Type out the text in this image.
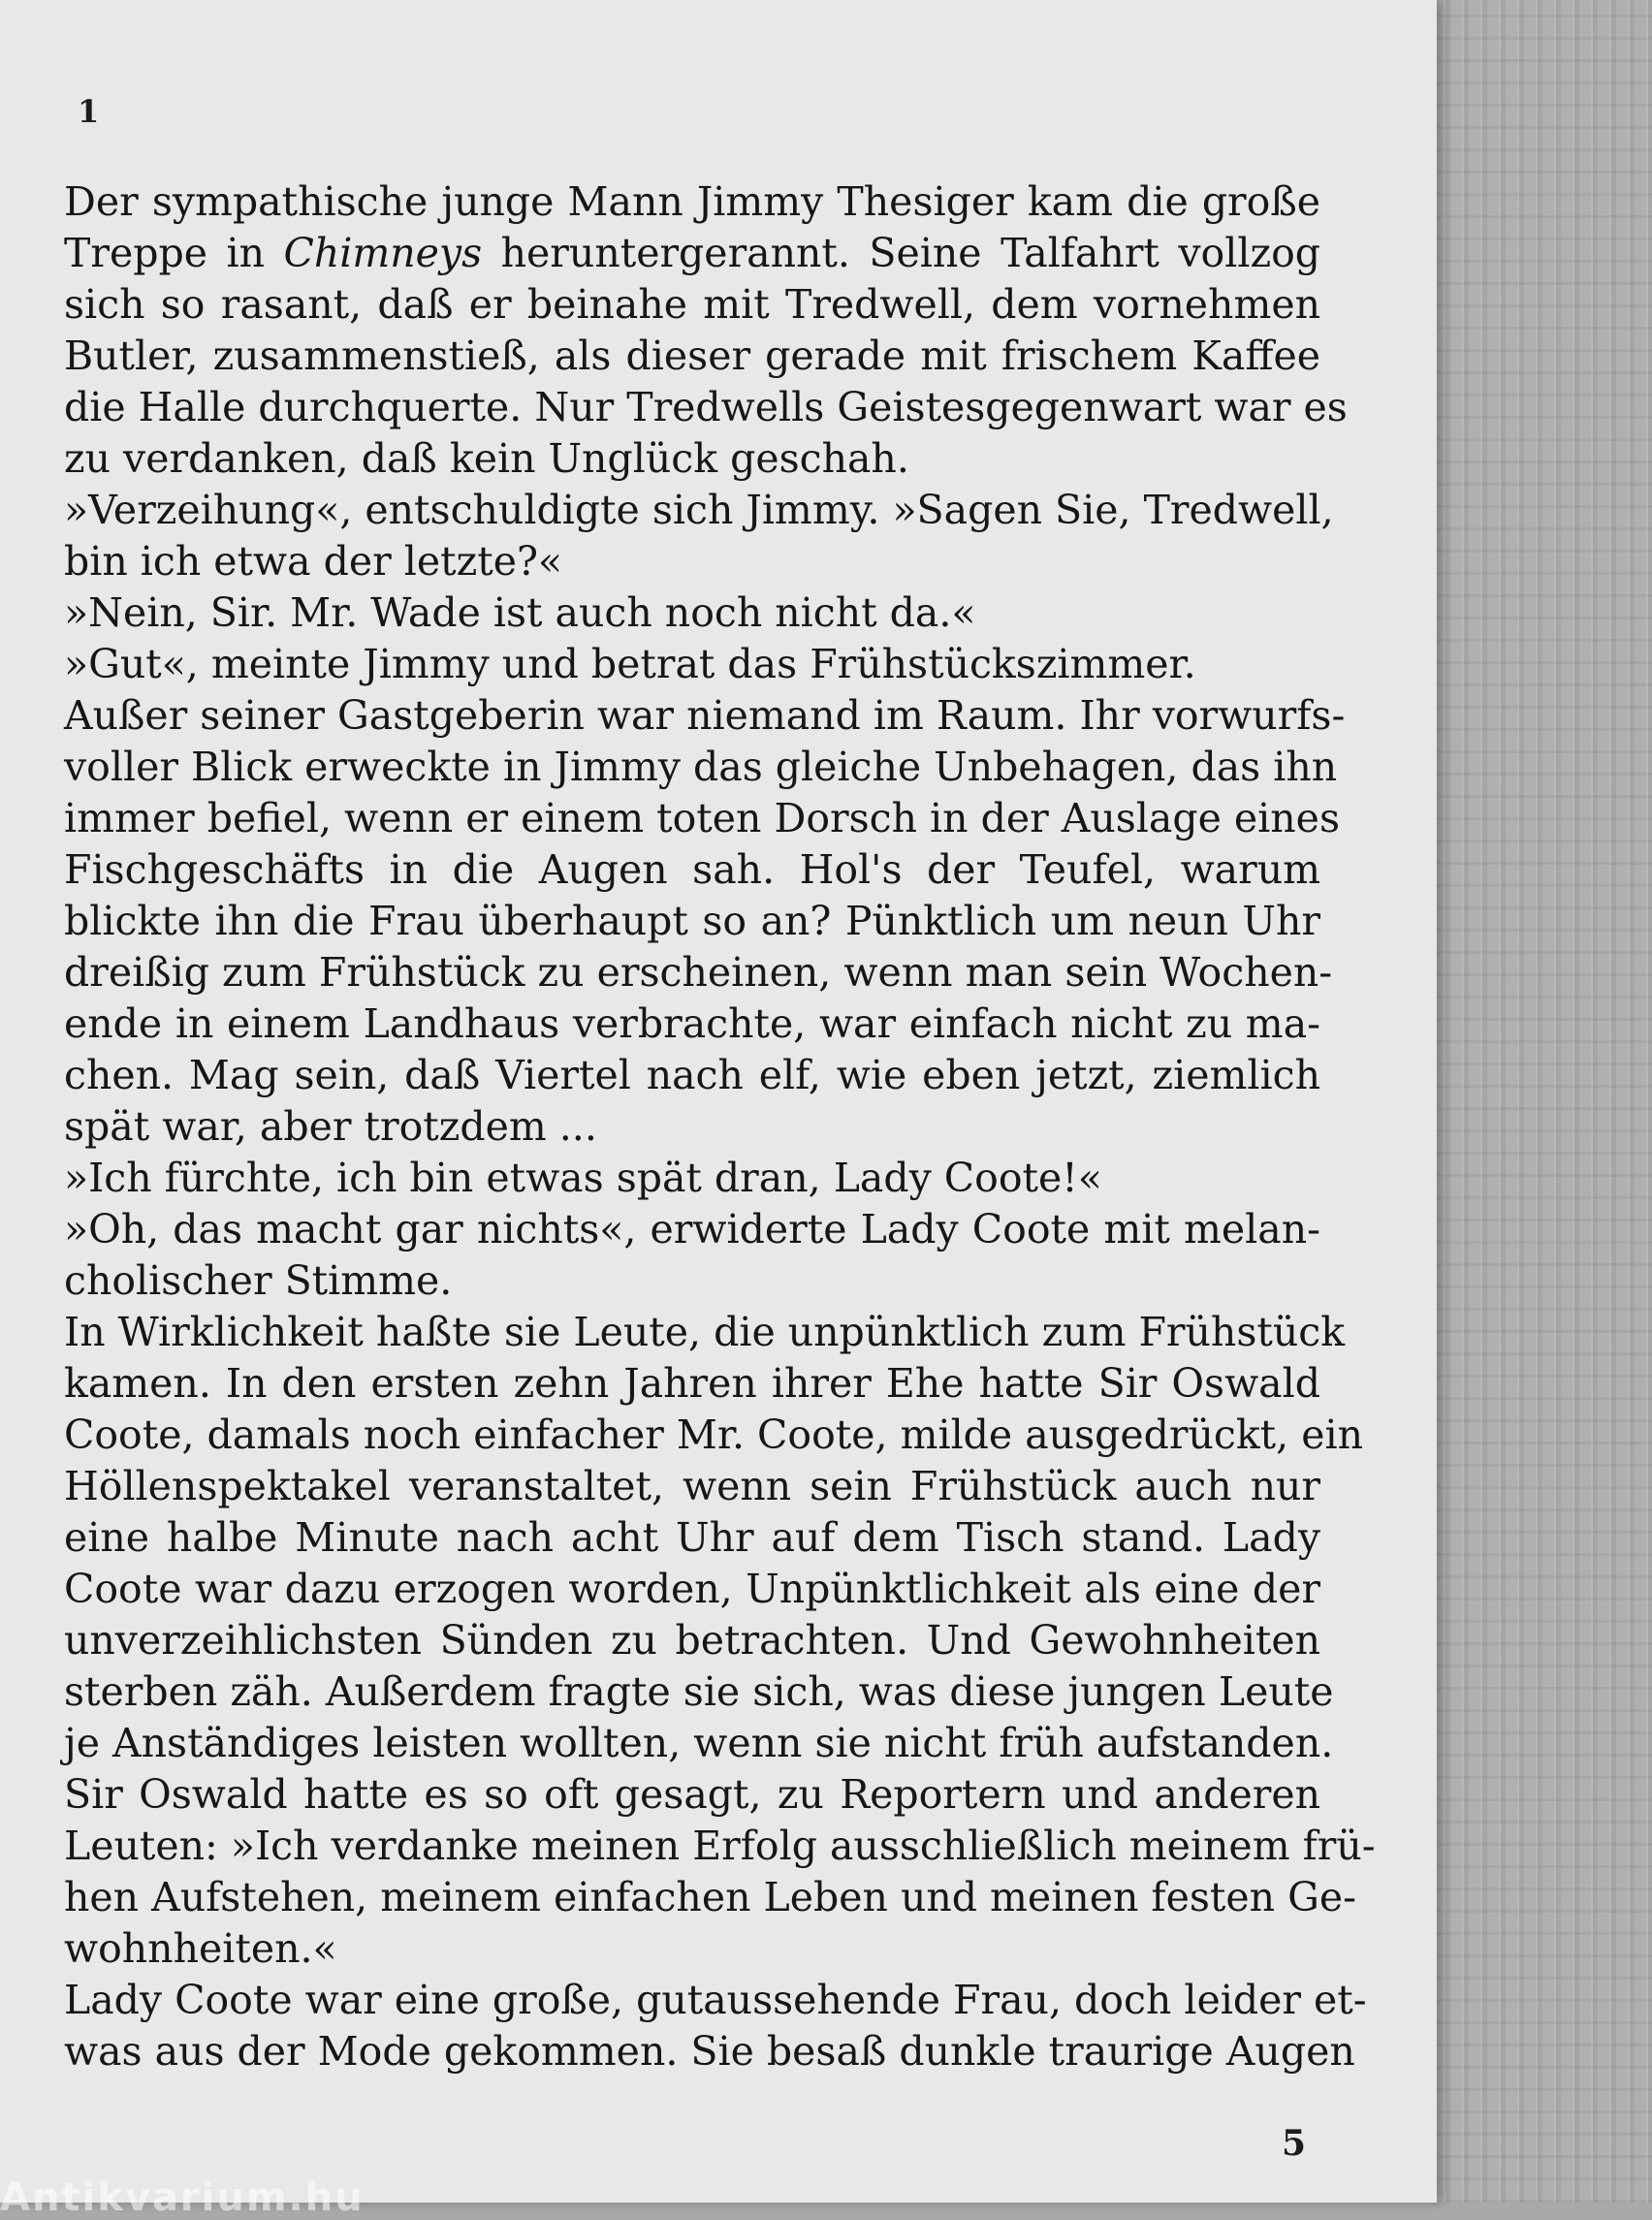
1
Der sympathische junge Mann Jimmy Thesiger kam die große
Treppe in Chimneys heruntergerannt. Seine Talfahrt vollzog
sich so rasant, daß er beinahe mit Tredwell, dem vornehmen
Butler, zusammenstieß, als dieser gerade mit frischem Kaffee
die Halle durchquerte. Nur Tredwells Geistesgegenwart war es
zu verdanken, daß kein Unglück geschah.
»Verzeihung«, entschuldigte sich Jimmy. »Sagen Sie, Tredwell,
bin ich etwa der letzte?«
»Nein, Sir. Mr. Wade ist auch noch nicht da.«
»Gut«, meinte Jimmy und betrat das Frühstückszimmer.
Außer seiner Gastgeberin war niemand im Raum. Ihr vorwurfs-
voller Blick erweckte in Jimmy das gleiche Unbehagen, das ihn
immer befiel, wenn er einem toten Dorsch in der Auslage eines
Fischgeschäfts in die Augen sah. Hol's der Teufel, warum
blickte ihn die Frau überhaupt so an? Pünktlich um neun Uhr
dreißig zum Frühstück zu erscheinen, wenn man sein Wochen-
ende in einem Landhaus verbrachte, war einfach nicht zu ma-
chen. Mag sein, daß Viertel nach elf, wie eben jetzt, ziemlich
spät war, aber trotzdem ...
»Ich fürchte, ich bin etwas spät dran, Lady Coote!«
»Oh, das macht gar nichts«, erwiderte Lady Coote mit melan-
cholischer Stimme.
In Wirklichkeit haßte sie Leute, die unpünktlich zum Frühstück
kamen. In den ersten zehn Jahren ihrer Ehe hatte Sir Oswald
Coote, damals noch einfacher Mr. Coote, milde ausgedrückt, ein
Höllenspektakel veranstaltet, wenn sein Frühstück auch nur
eine halbe Minute nach acht Uhr auf dem Tisch stand. Lady
Coote war dazu erzogen worden, Unpünktlichkeit als eine der
unverzeihlichsten Sünden zu betrachten. Und Gewohnheiten
sterben zäh. Außerdem fragte sie sich, was diese jungen Leute
je Anständiges leisten wollten, wenn sie nicht früh aufstanden.
Sir Oswald hatte es so oft gesagt, zu Reportern und anderen
Leuten: »Ich verdanke meinen Erfolg ausschließlich meinem frü-
hen Aufstehen, meinem einfachen Leben und meinen festen Ge-
wohnheiten.«
Lady Coote war eine große, gutaussehende Frau, doch leider et-
was aus der Mode gekommen. Sie besaß dunkle traurige Augen
5
Antikvarium.hu
